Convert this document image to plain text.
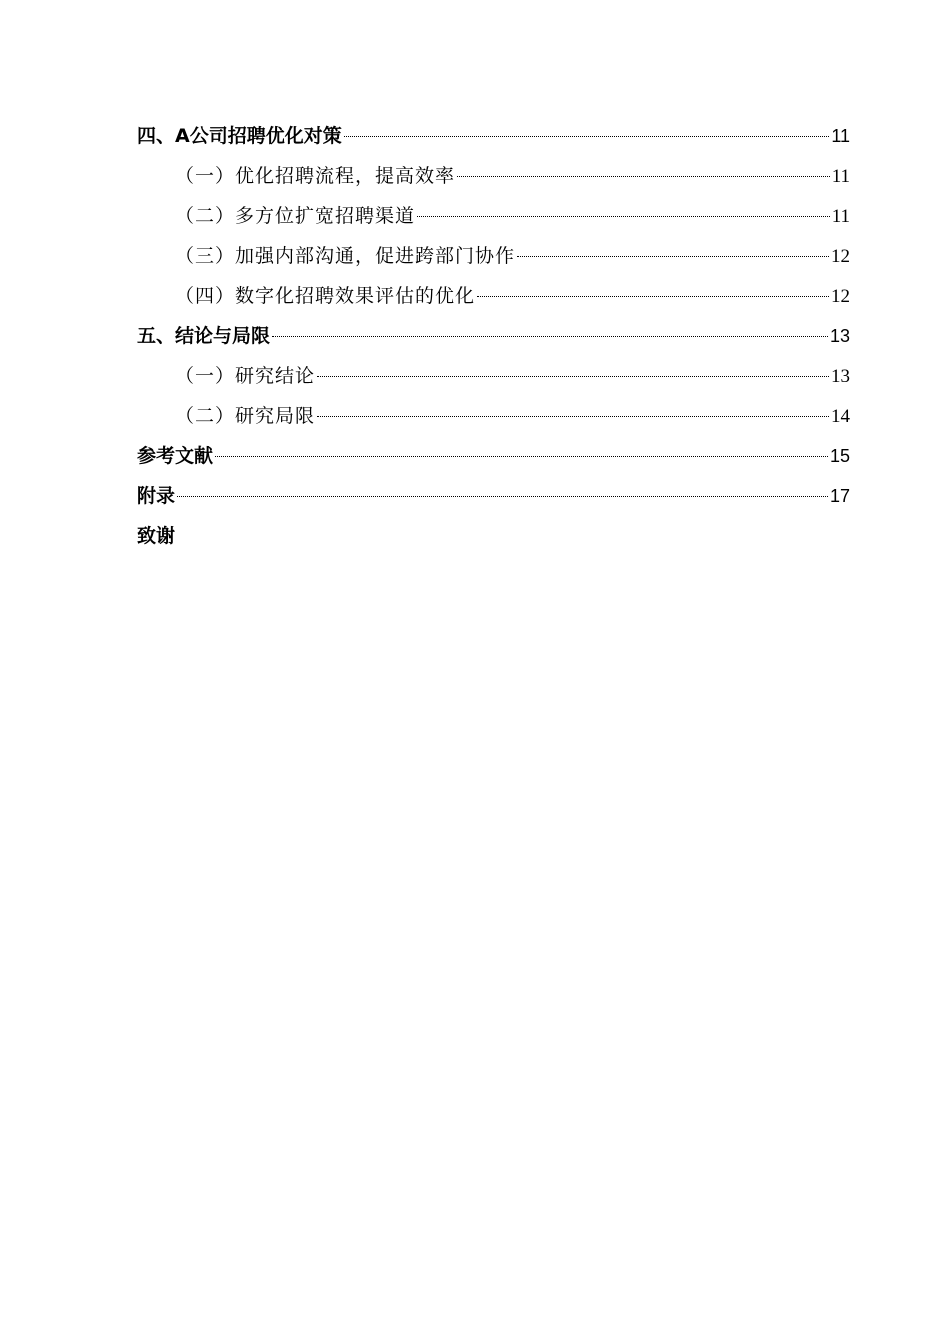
四、A公司招聘优化对策	11
（一）优化招聘流程，提高效率	11
（二）多方位扩宽招聘渠道	11
（三）加强内部沟通，促进跨部门协作	12
（四）数字化招聘效果评估的优化	12
五、结论与局限	13
（一）研究结论	13
（二）研究局限	14
参考文献	15
附录	17
致谢
